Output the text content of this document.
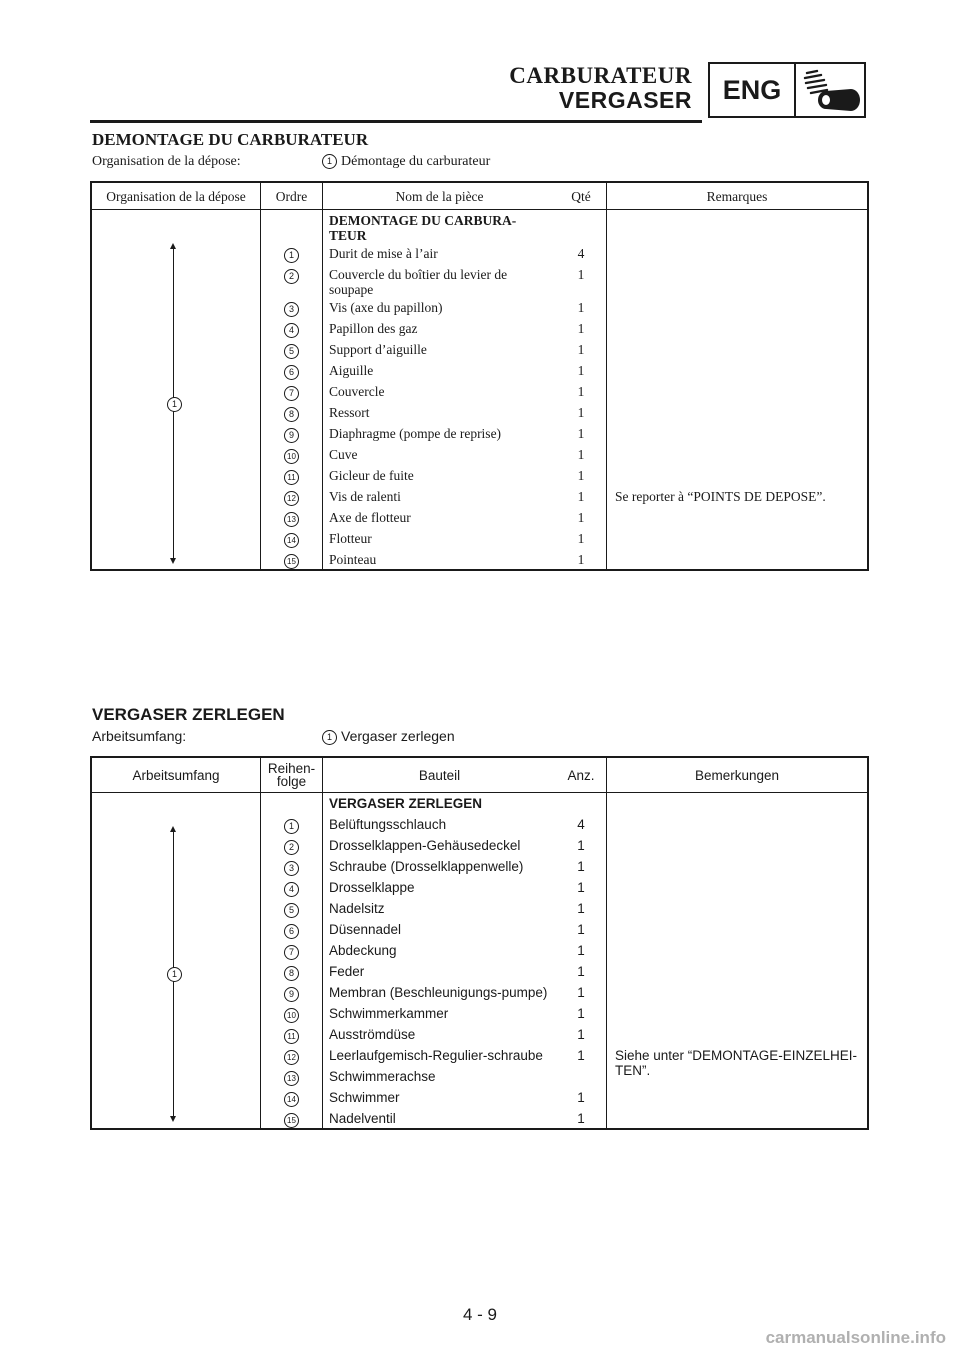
CARBURATEUR
VERGASER	ENG
DEMONTAGE DU CARBURATEUR
Organisation de la dépose:	1 Démontage du carburateur
Organisation de la dépose	Ordre	Nom de la pièce	Qté	Remarques

1		DEMONTAGE DU CARBURA-TEUR		Se reporter à “POINTS DE DEPOSE”.

	1	Durit de mise à l’air	4	
	2	Couvercle du boîtier du levier de soupape	1	
	3	Vis (axe du papillon)	1	
	4	Papillon des gaz	1	
	5	Support d’aiguille	1	
	6	Aiguille	1	
	7	Couvercle	1	
	8	Ressort	1	
	9	Diaphragme (pompe de reprise)	1	
	10	Cuve	1	
	11	Gicleur de fuite	1	
	12	Vis de ralenti	1	
	13	Axe de flotteur	1	
	14	Flotteur	1	
	15	Pointeau	1	
VERGASER ZERLEGEN
Arbeitsumfang:	1 Vergaser zerlegen
Arbeitsumfang	Reihen-folge	Bauteil	Anz.	Bemerkungen

1		VERGASER ZERLEGEN		Siehe unter “DEMONTAGE-EINZELHEI-TEN”.

	1	Belüftungsschlauch	4	
	2	Drosselklappen-Gehäusedeckel	1	
	3	Schraube (Drosselklappenwelle)	1	
	4	Drosselklappe	1	
	5	Nadelsitz	1	
	6	Düsennadel	1	
	7	Abdeckung	1	
	8	Feder	1	
	9	Membran (Beschleunigungs-pumpe)	1	
	10	Schwimmerkammer	1	
	11	Ausströmdüse	1	
	12	Leerlaufgemisch-Regulier-schraube	1	
	13	Schwimmerachse		
	14	Schwimmer	1	
	15	Nadelventil	1	
4 - 9
carmanualsonline.info
